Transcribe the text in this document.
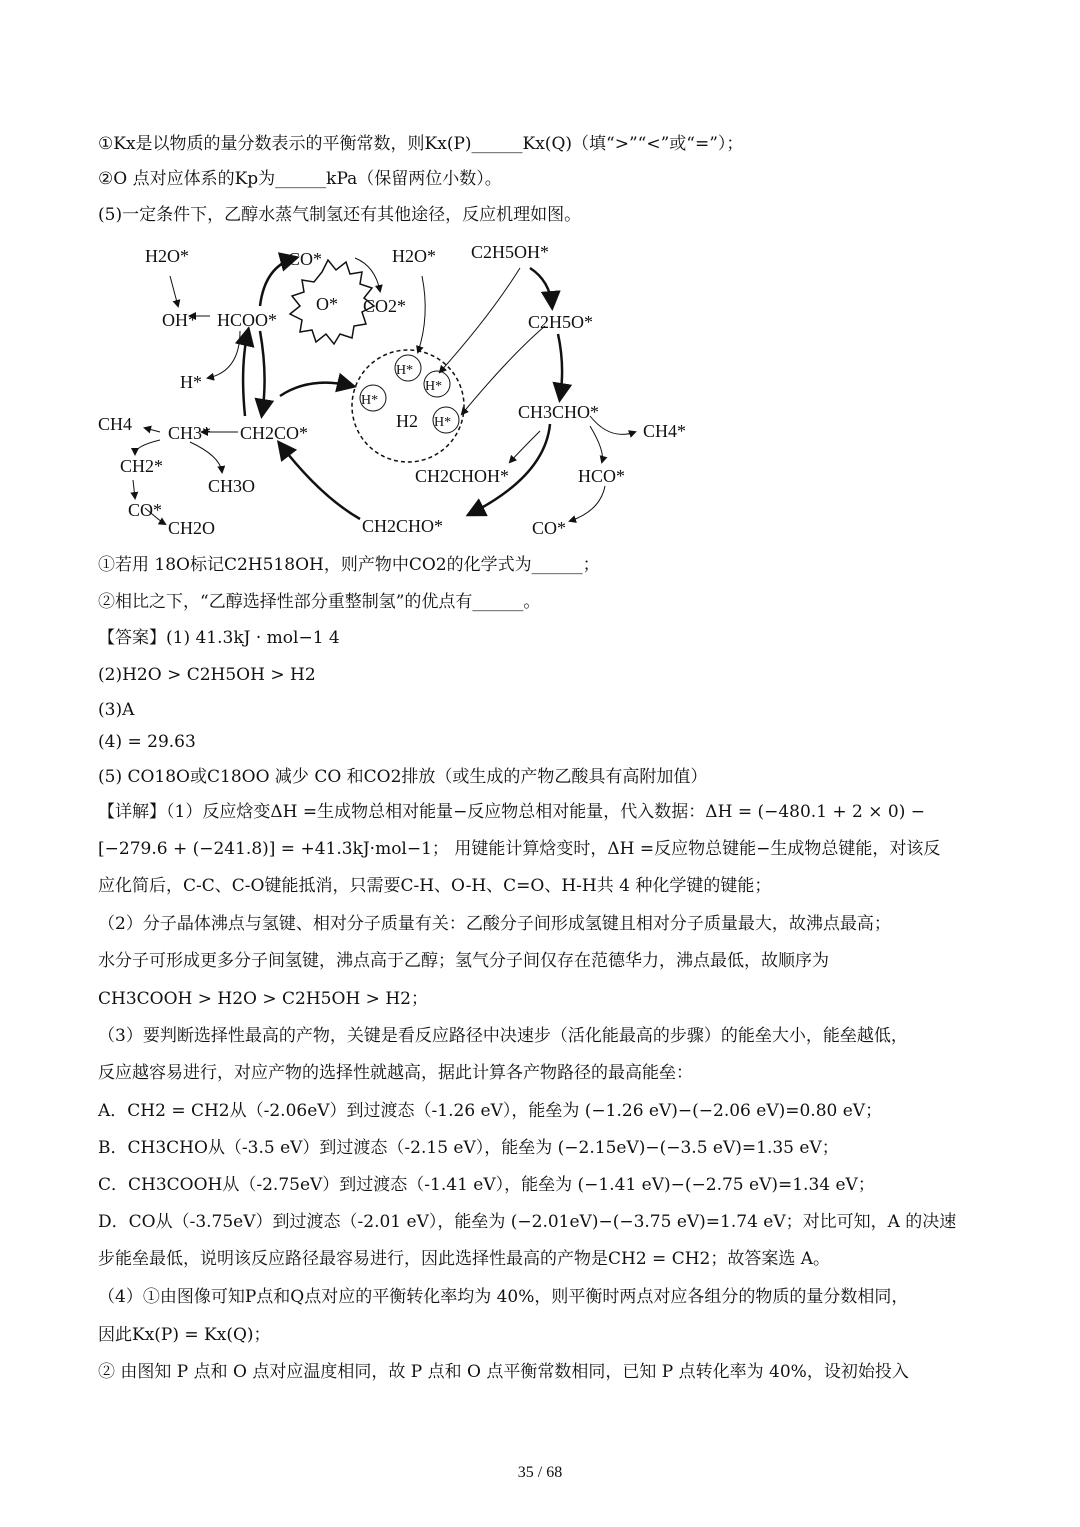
①Kx是以物质的量分数表示的平衡常数，则Kx(P)______Kx(Q)（填“>”“<”或“=”）；
②O 点对应体系的Kp为______kPa（保留两位小数）。
(5)一定条件下，乙醇水蒸气制氢还有其他途径，反应机理如图。
H2O*
OH* HCOO*
CO*
O* CO2*
H2O* C2H5OH*
C2H5O*
H*
H*
H*
H*
H*
H2
CH4 CH3* CH2CO*
CH2*
CH3O
CO*
CH2O
CH3CHO*
CH4*
CH2CHOH*	HCO*
CH2CHO*	CO*
①若用 18O标记C2H518OH，则产物中CO2的化学式为______；
②相比之下，“乙醇选择性部分重整制氢”的优点有______。
【答案】(1) 41.3kJ · mol−1 4
(2)H2O > C2H5OH > H2
(3)A
(4) = 29.63
(5) CO18O或C18OO 减少 CO 和CO2排放（或生成的产物乙酸具有高附加值）
【详解】（1）反应焓变ΔH =生成物总相对能量−反应物总相对能量，代入数据：ΔH = (−480.1 + 2 × 0) −
[−279.6 + (−241.8)] = +41.3kJ·mol−1； 用键能计算焓变时，ΔH =反应物总键能−生成物总键能，对该反
应化简后，C-C、C-O键能抵消，只需要C-H、O-H、C=O、H-H共 4 种化学键的键能；
（2）分子晶体沸点与氢键、相对分子质量有关：乙酸分子间形成氢键且相对分子质量最大，故沸点最高；
水分子可形成更多分子间氢键，沸点高于乙醇；氢气分子间仅存在范德华力，沸点最低，故顺序为
CH3COOH > H2O > C2H5OH > H2；
（3）要判断选择性最高的产物，关键是看反应路径中决速步（活化能最高的步骤）的能垒大小，能垒越低，
反应越容易进行，对应产物的选择性就越高，据此计算各产物路径的最高能垒：
A．CH2 = CH2从（-2.06eV）到过渡态（-1.26 eV），能垒为 (−1.26 eV)−(−2.06 eV)=0.80 eV；
B．CH3CHO从（-3.5 eV）到过渡态（-2.15 eV），能垒为 (−2.15eV)−(−3.5 eV)=1.35 eV；
C．CH3COOH从（-2.75eV）到过渡态（-1.41 eV），能垒为 (−1.41 eV)−(−2.75 eV)=1.34 eV；
D．CO从（-3.75eV）到过渡态（-2.01 eV），能垒为 (−2.01eV)−(−3.75 eV)=1.74 eV；对比可知，A 的决速
步能垒最低，说明该反应路径最容易进行，因此选择性最高的产物是CH2 = CH2；故答案选 A。
（4）①由图像可知P点和Q点对应的平衡转化率均为 40%，则平衡时两点对应各组分的物质的量分数相同，
因此Kx(P) = Kx(Q)；
② 由图知 P 点和 O 点对应温度相同，故 P 点和 O 点平衡常数相同，已知 P 点转化率为 40%，设初始投入
35 / 68
